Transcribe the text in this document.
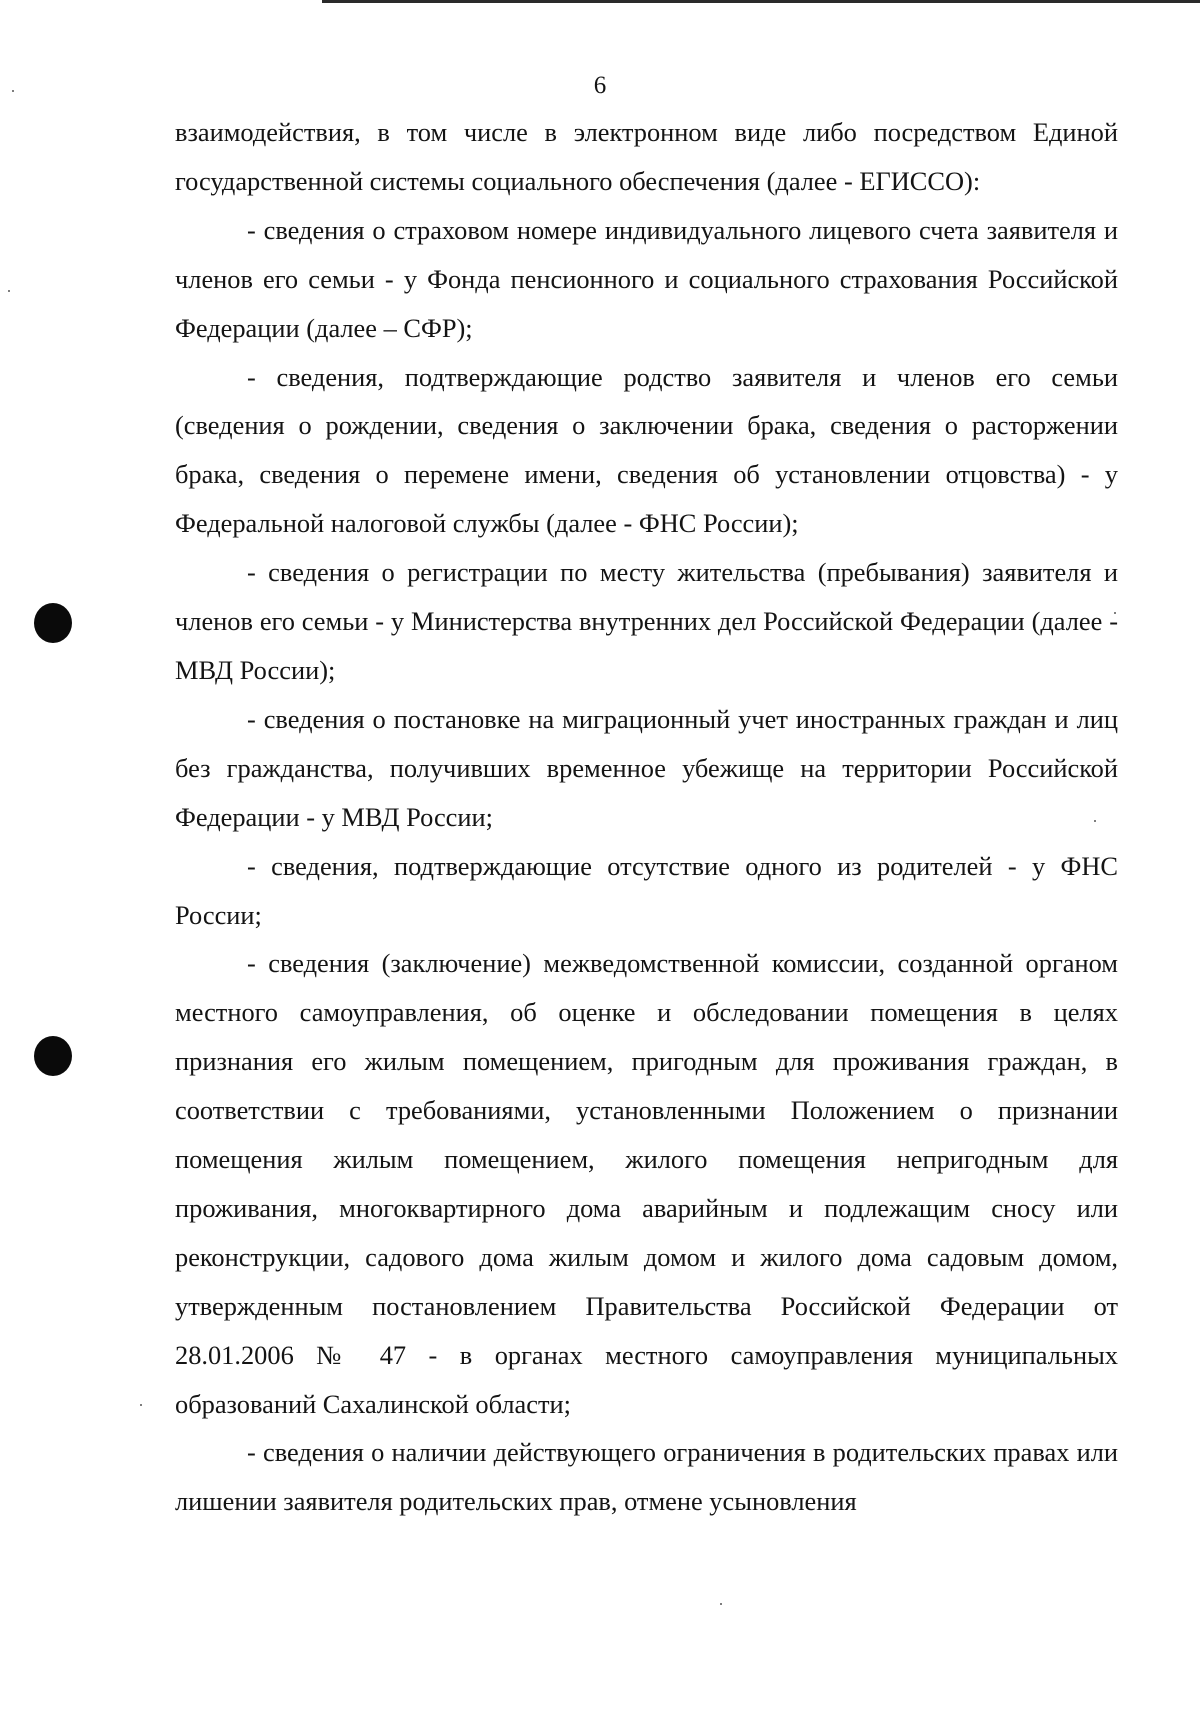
6

взаимодействия, в том числе в электронном виде либо посредством Единой государственной системы социального обеспечения (далее - ЕГИССО):

- сведения о страховом номере индивидуального лицевого счета заявителя и членов его семьи - у Фонда пенсионного и социального страхования Российской Федерации (далее – СФР);

- сведения, подтверждающие родство заявителя и членов его семьи (сведения о рождении, сведения о заключении брака, сведения о расторжении брака, сведения о перемене имени, сведения об установлении отцовства) - у Федеральной налоговой службы (далее - ФНС России);

- сведения о регистрации по месту жительства (пребывания) заявителя и членов его семьи - у Министерства внутренних дел Российской Федерации (далее - МВД России);

- сведения о постановке на миграционный учет иностранных граждан и лиц без гражданства, получивших временное убежище на территории Российской Федерации - у МВД России;

- сведения, подтверждающие отсутствие одного из родителей - у ФНС России;

- сведения (заключение) межведомственной комиссии, созданной органом местного самоуправления, об оценке и обследовании помещения в целях признания его жилым помещением, пригодным для проживания граждан, в соответствии с требованиями, установленными Положением о признании помещения жилым помещением, жилого помещения непригодным для проживания, многоквартирного дома аварийным и подлежащим сносу или реконструкции, садового дома жилым домом и жилого дома садовым домом, утвержденным постановлением Правительства Российской Федерации от 28.01.2006 № 47 - в органах местного самоуправления муниципальных образований Сахалинской области;

- сведения о наличии действующего ограничения в родительских правах или лишении заявителя родительских прав, отмене усыновления
